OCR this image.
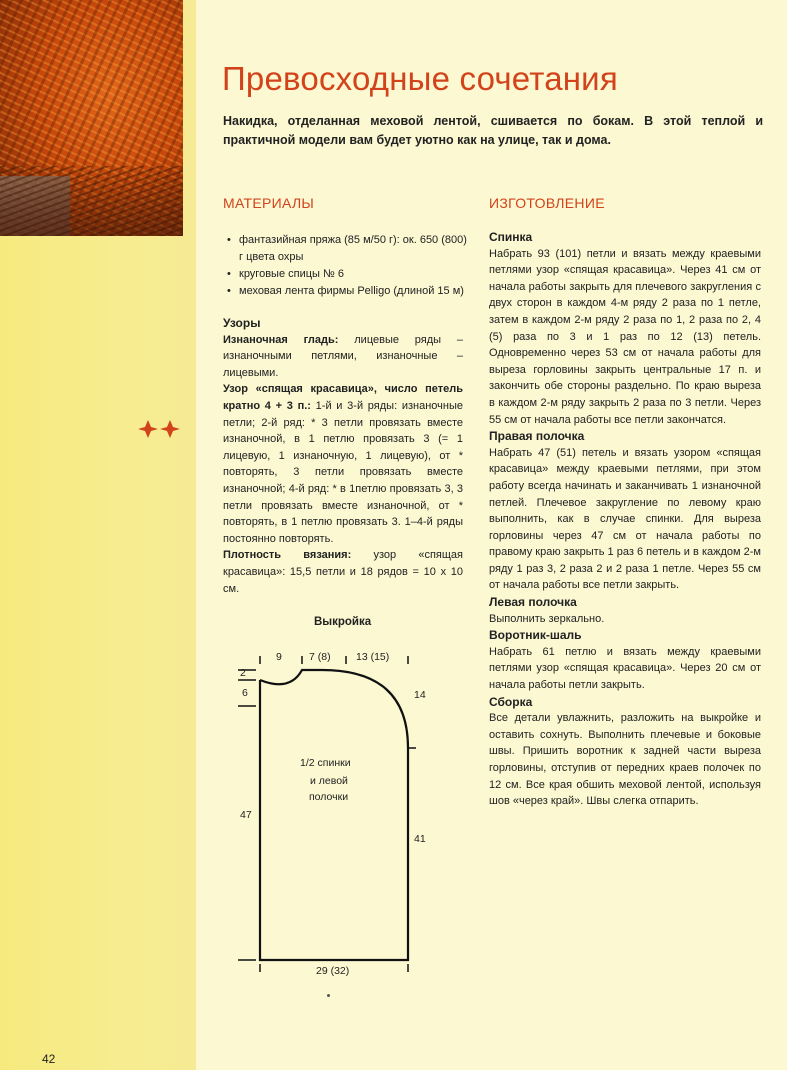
42
Превосходные сочетания
Накидка, отделанная меховой лентой, сшивается по бокам. В этой теплой и практичной модели вам будет уютно как на улице, так и дома.
МАТЕРИАЛЫ
• фантазийная пряжа (85 м/50 г): ок. 650 (800) г цвета охры
• круговые спицы № 6
• меховая лента фирмы Pelligo (длиной 15 м)
Узоры
Изнаночная гладь: лицевые ряды – изнаночными петлями, изнаночные – лицевыми.
Узор «спящая красавица», число петель кратно 4 + 3 п.: 1-й и 3-й ряды: изнаночные петли; 2-й ряд: * 3 петли провязать вместе изнаночной, в 1 петлю провязать 3 (= 1 лицевую, 1 изнаночную, 1 лицевую), от * повторять, 3 петли провязать вместе изнаночной; 4-й ряд: * в 1петлю провязать 3, 3 петли провязать вместе изнаночной, от * повторять, в 1 петлю провязать 3. 1–4-й ряды постоянно повторять.
Плотность вязания: узор «спящая красавица»: 15,5 петли и 18 рядов = 10 х 10 см.
Выкройка
9	7 (8) 13 (15)
2
6
47
14
41
29 (32)
1/2 спинки
и левой
полочки
ИЗГОТОВЛЕНИЕ
Спинка
Набрать 93 (101) петли и вязать между краевыми петлями узор «спящая красавица». Через 41 см от начала работы закрыть для плечевого закругления с двух сторон в каждом 4-м ряду 2 раза по 1 петле, затем в каждом 2-м ряду 2 раза по 1, 2 раза по 2, 4 (5) раза по 3 и 1 раз по 12 (13) петель. Одновременно через 53 см от начала работы для выреза горловины закрыть центральные 17 п. и закончить обе стороны раздельно. По краю выреза в каждом 2-м ряду закрыть 2 раза по 3 петли. Через 55 см от начала работы все петли закончатся.
Правая полочка
Набрать 47 (51) петель и вязать узором «спящая красавица» между краевыми петлями, при этом работу всегда начинать и заканчивать 1 изнаночной петлей. Плечевое закругление по левому краю выполнить, как в случае спинки. Для выреза горловины через 47 см от начала работы по правому краю закрыть 1 раз 6 петель и в каждом 2-м ряду 1 раз 3, 2 раза 2 и 2 раза 1 петле. Через 55 см от начала работы все петли закрыть.
Левая полочка
Выполнить зеркально.
Воротник-шаль
Набрать 61 петлю и вязать между краевыми петлями узор «спящая красавица». Через 20 см от начала работы петли закрыть.
Сборка
Все детали увлажнить, разложить на выкройке и оставить сохнуть. Выполнить плечевые и боковые швы. Пришить воротник к задней части выреза горловины, отступив от передних краев полочек по 12 см. Все края обшить меховой лентой, используя шов «через край». Швы слегка отпарить.
